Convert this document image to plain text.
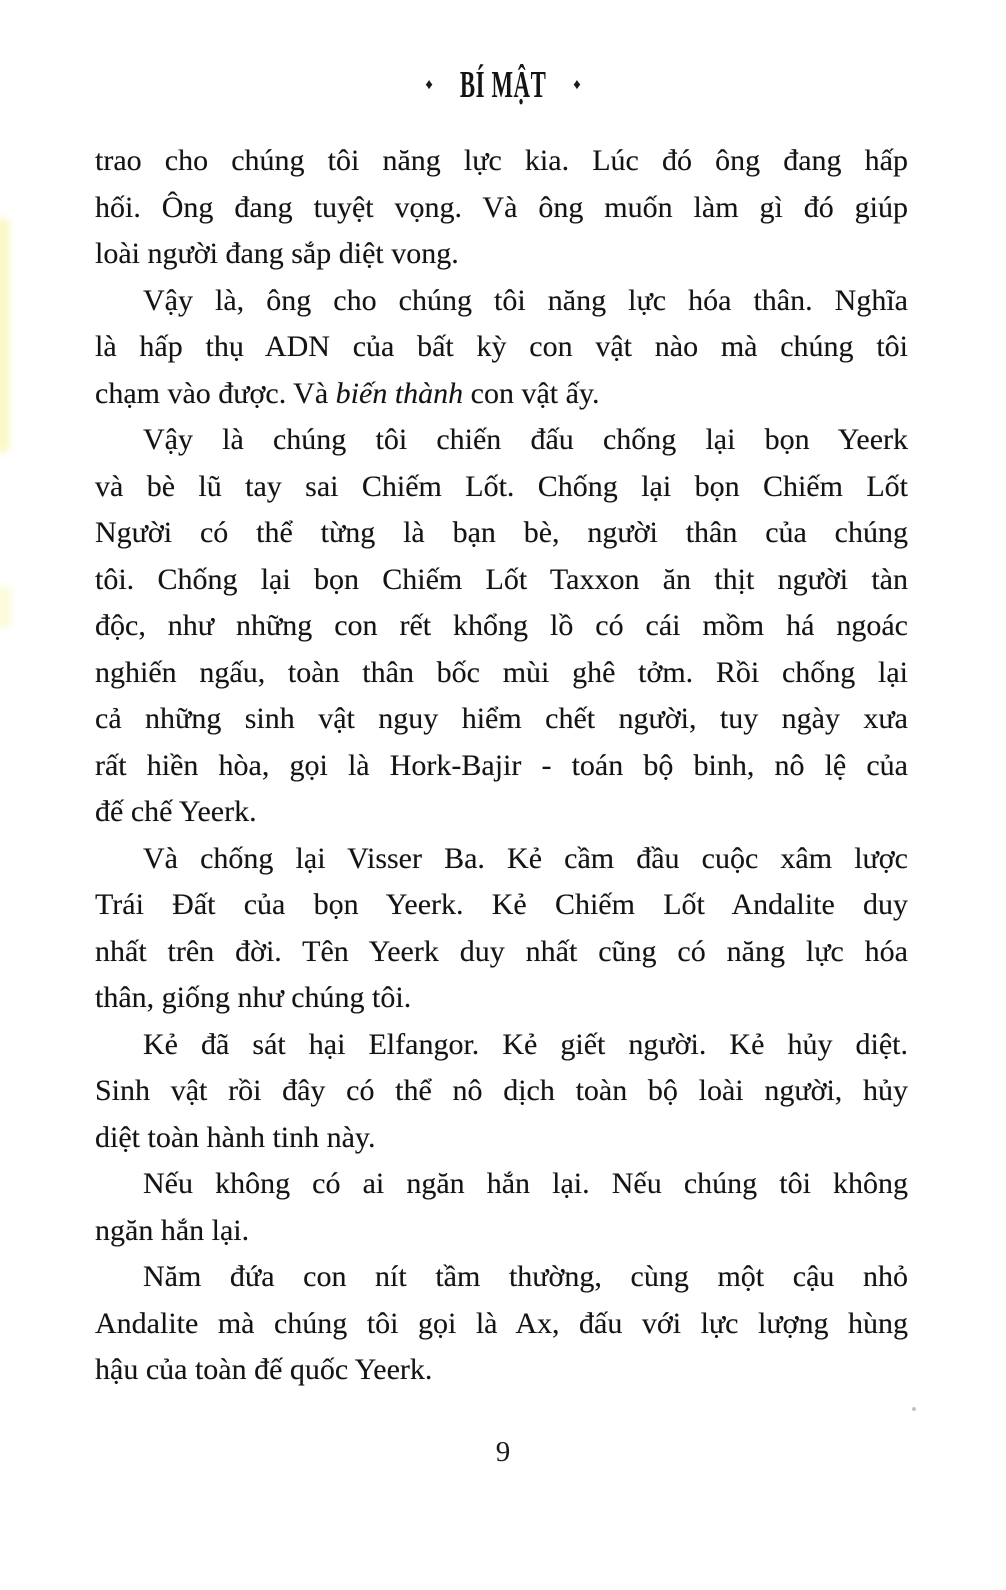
♦ BÍ MẬT ♦
trao cho chúng tôi năng lực kia. Lúc đó ông đang hấp
hối. Ông đang tuyệt vọng. Và ông muốn làm gì đó giúp
loài người đang sắp diệt vong.
Vậy là, ông cho chúng tôi năng lực hóa thân. Nghĩa
là hấp thụ ADN của bất kỳ con vật nào mà chúng tôi
chạm vào được. Và biến thành con vật ấy.
Vậy là chúng tôi chiến đấu chống lại bọn Yeerk
và bè lũ tay sai Chiếm Lốt. Chống lại bọn Chiếm Lốt
Người có thể từng là bạn bè, người thân của chúng
tôi. Chống lại bọn Chiếm Lốt Taxxon ăn thịt người tàn
độc, như những con rết khổng lồ có cái mồm há ngoác
nghiến ngấu, toàn thân bốc mùi ghê tởm. Rồi chống lại
cả những sinh vật nguy hiểm chết người, tuy ngày xưa
rất hiền hòa, gọi là Hork-Bajir - toán bộ binh, nô lệ của
đế chế Yeerk.
Và chống lại Visser Ba. Kẻ cầm đầu cuộc xâm lược
Trái Đất của bọn Yeerk. Kẻ Chiếm Lốt Andalite duy
nhất trên đời. Tên Yeerk duy nhất cũng có năng lực hóa
thân, giống như chúng tôi.
Kẻ đã sát hại Elfangor. Kẻ giết người. Kẻ hủy diệt.
Sinh vật rồi đây có thể nô dịch toàn bộ loài người, hủy
diệt toàn hành tinh này.
Nếu không có ai ngăn hắn lại. Nếu chúng tôi không
ngăn hắn lại.
Năm đứa con nít tầm thường, cùng một cậu nhỏ
Andalite mà chúng tôi gọi là Ax, đấu với lực lượng hùng
hậu của toàn đế quốc Yeerk.
9
